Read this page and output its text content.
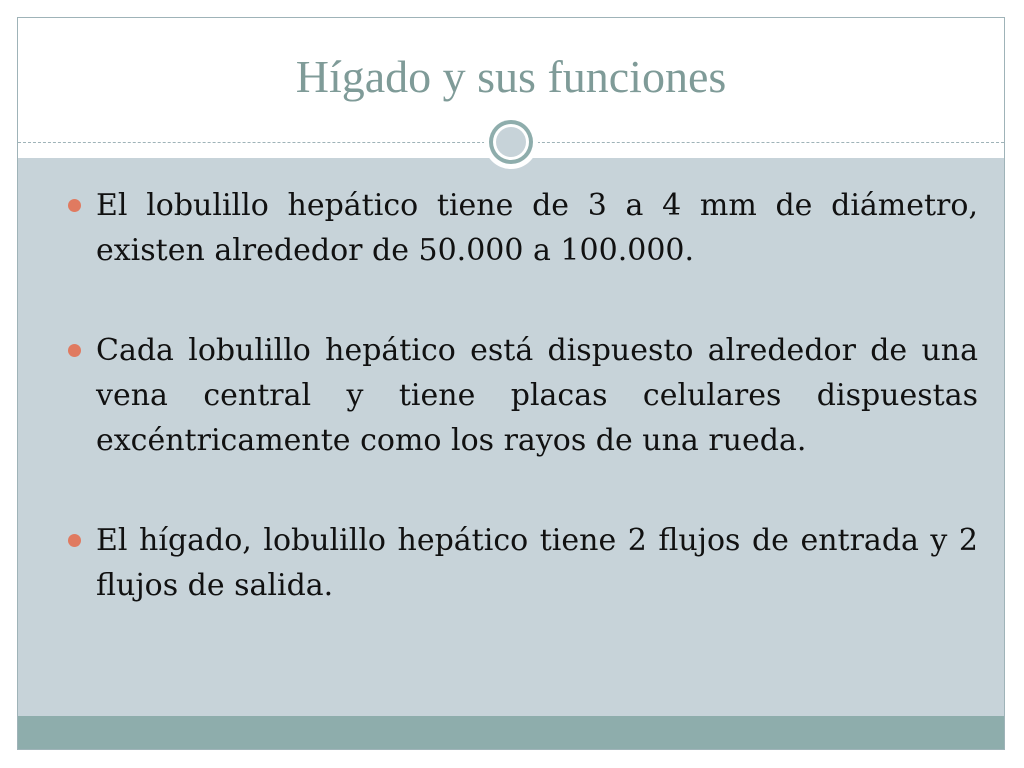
Hígado y sus funciones
El lobulillo hepático tiene de 3 a 4 mm de diámetro, existen alrededor de 50.000 a 100.000.
Cada lobulillo hepático está dispuesto alrededor de una vena central y tiene placas celulares dispuestas excéntricamente como los rayos de una rueda.
El hígado, lobulillo hepático tiene 2 flujos de entrada y 2 flujos de salida.
